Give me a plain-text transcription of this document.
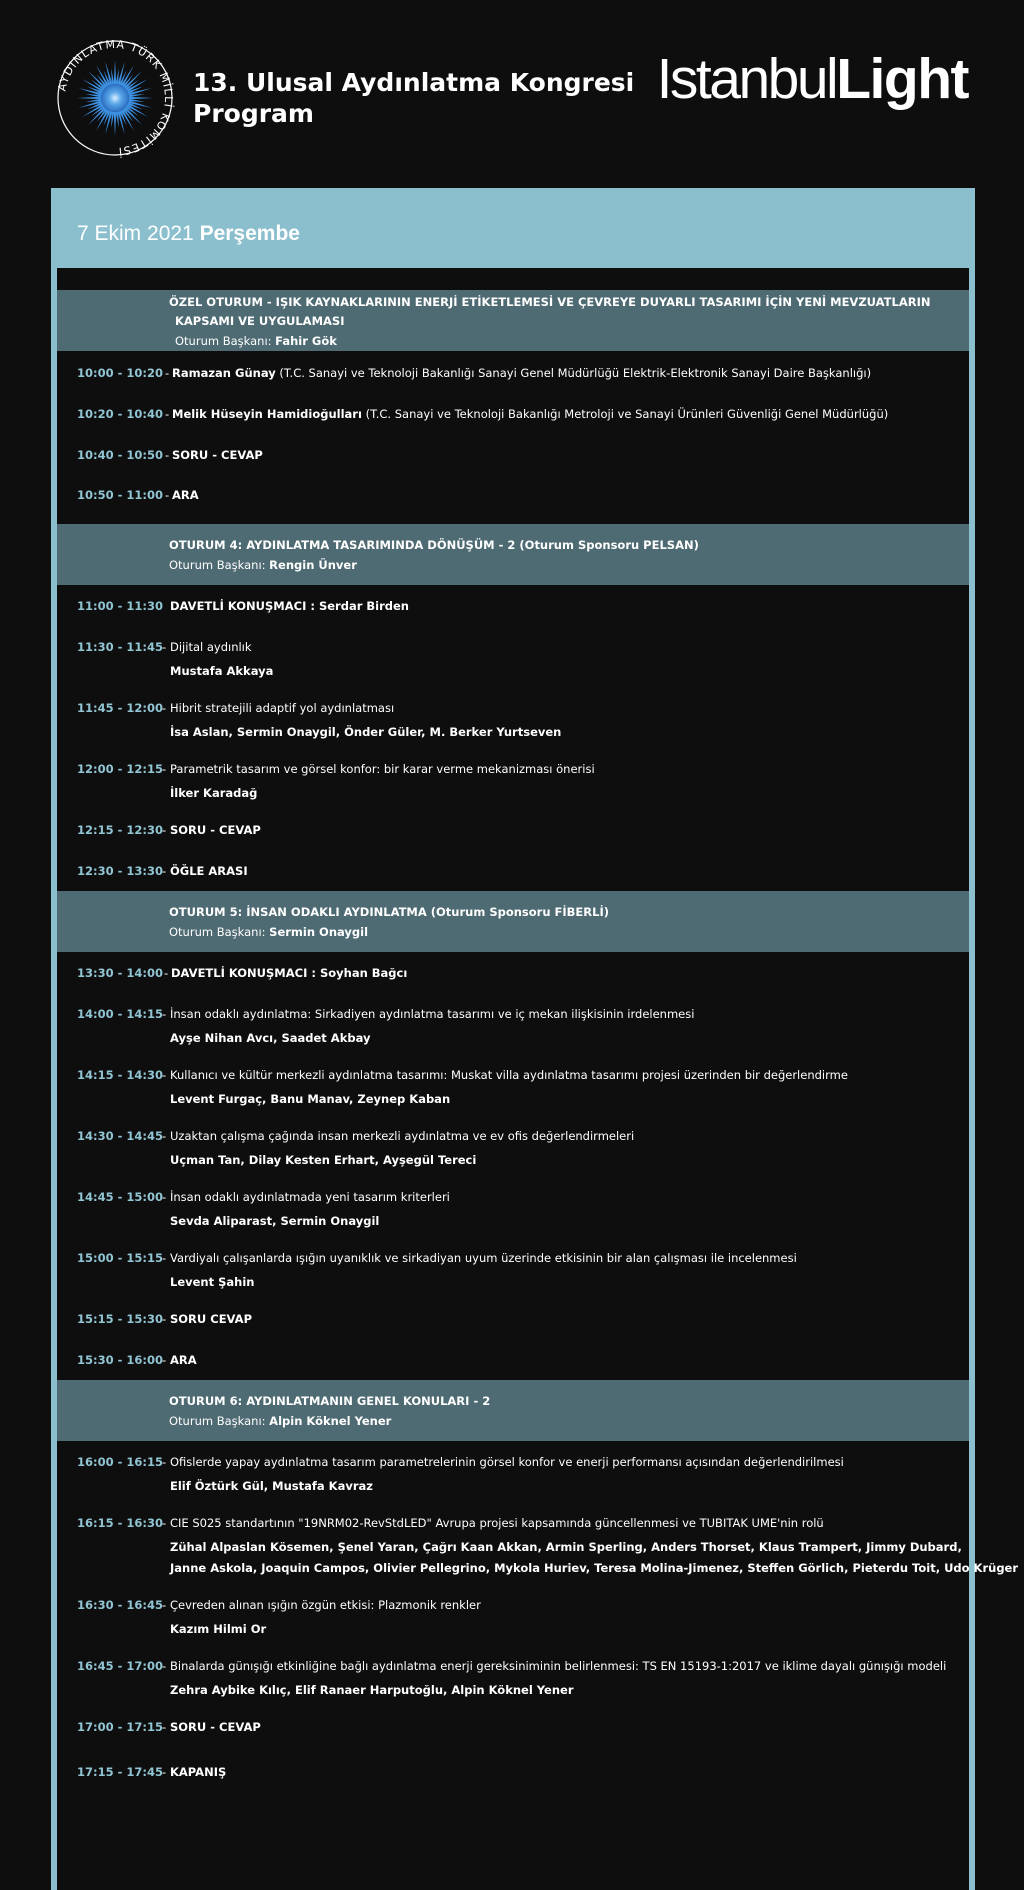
AYDINLATMA TÜRK MİLLİ KOMİTESİ
13. Ulusal Aydınlatma Kongresi
Program
IstanbulLight
7 Ekim 2021 Perşembe
ÖZEL OTURUM - IŞIK KAYNAKLARININ ENERJİ ETİKETLEMESİ VE ÇEVREYE DUYARLI TASARIMI İÇİN YENİ MEVZUATLARIN
KAPSAMI VE UYGULAMASI
Oturum Başkanı: Fahir Gök
OTURUM 4: AYDINLATMA TASARIMINDA DÖNÜŞÜM - 2 (Oturum Sponsoru PELSAN)
Oturum Başkanı: Rengin Ünver
OTURUM 5: İNSAN ODAKLI AYDINLATMA (Oturum Sponsoru FİBERLİ)
Oturum Başkanı: Sermin Onaygil
OTURUM 6: AYDINLATMANIN GENEL KONULARI - 2
Oturum Başkanı: Alpin Köknel Yener
10:00 - 10:20 - Ramazan Günay (T.C. Sanayi ve Teknoloji Bakanlığı Sanayi Genel Müdürlüğü Elektrik-Elektronik Sanayi Daire Başkanlığı)
10:20 - 10:40 - Melik Hüseyin Hamidioğulları (T.C. Sanayi ve Teknoloji Bakanlığı Metroloji ve Sanayi Ürünleri Güvenliği Genel Müdürlüğü)
10:40 - 10:50 - SORU - CEVAP
10:50 - 11:00 - ARA
11:00 - 11:30 DAVETLİ KONUŞMACI : Serdar Birden
11:30 - 11:45 - Dijital aydınlık
Mustafa Akkaya
11:45 - 12:00 - Hibrit stratejili adaptif yol aydınlatması
İsa Aslan, Sermin Onaygil, Önder Güler, M. Berker Yurtseven
12:00 - 12:15 - Parametrik tasarım ve görsel konfor: bir karar verme mekanizması önerisi
İlker Karadağ
12:15 - 12:30 - SORU - CEVAP
12:30 - 13:30 - ÖĞLE ARASI
13:30 - 14:00 - DAVETLİ KONUŞMACI : Soyhan Bağcı
14:00 - 14:15 - İnsan odaklı aydınlatma: Sirkadiyen aydınlatma tasarımı ve iç mekan ilişkisinin irdelenmesi
Ayşe Nihan Avcı, Saadet Akbay
14:15 - 14:30 - Kullanıcı ve kültür merkezli aydınlatma tasarımı: Muskat villa aydınlatma tasarımı projesi üzerinden bir değerlendirme
Levent Furgaç, Banu Manav, Zeynep Kaban
14:30 - 14:45 - Uzaktan çalışma çağında insan merkezli aydınlatma ve ev ofis değerlendirmeleri
Uçman Tan, Dilay Kesten Erhart, Ayşegül Tereci
14:45 - 15:00 - İnsan odaklı aydınlatmada yeni tasarım kriterleri
Sevda Aliparast, Sermin Onaygil
15:00 - 15:15 - Vardiyalı çalışanlarda ışığın uyanıklık ve sirkadiyan uyum üzerinde etkisinin bir alan çalışması ile incelenmesi
Levent Şahin
15:15 - 15:30 - SORU CEVAP
15:30 - 16:00 - ARA
16:00 - 16:15 - Ofislerde yapay aydınlatma tasarım parametrelerinin görsel konfor ve enerji performansı açısından değerlendirilmesi
Elif Öztürk Gül, Mustafa Kavraz
16:15 - 16:30 - CIE S025 standartının "19NRM02-RevStdLED" Avrupa projesi kapsamında güncellenmesi ve TUBITAK UME'nin rolü
Zühal Alpaslan Kösemen, Şenel Yaran, Çağrı Kaan Akkan, Armin Sperling, Anders Thorset, Klaus Trampert, Jimmy Dubard,
Janne Askola, Joaquin Campos, Olivier Pellegrino, Mykola Huriev, Teresa Molina-Jimenez, Steffen Görlich, Pieterdu Toit, Udo Krüger
16:30 - 16:45 - Çevreden alınan ışığın özgün etkisi: Plazmonik renkler
Kazım Hilmi Or
16:45 - 17:00 - Binalarda günışığı etkinliğine bağlı aydınlatma enerji gereksiniminin belirlenmesi: TS EN 15193-1:2017 ve iklime dayalı günışığı modeli
Zehra Aybike Kılıç, Elif Ranaer Harputoğlu, Alpin Köknel Yener
17:00 - 17:15 - SORU - CEVAP
17:15 - 17:45 - KAPANIŞ
